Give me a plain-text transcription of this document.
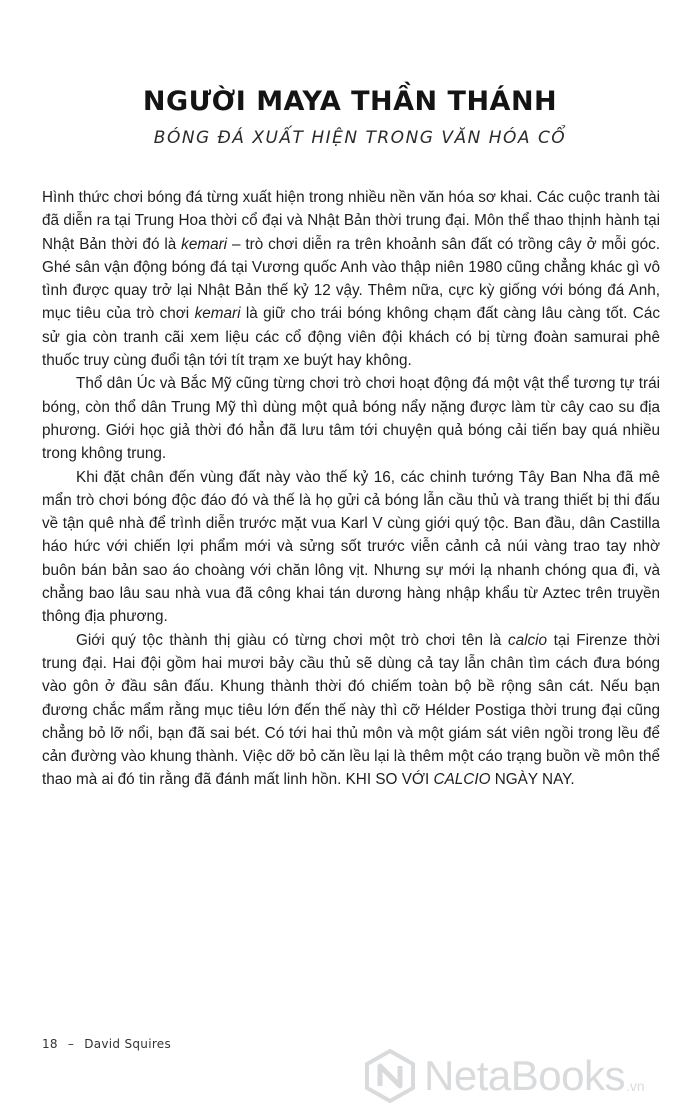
NGƯỜI MAYA THẦN THÁNH
BÓNG ĐÁ XUẤT HIỆN TRONG VĂN HÓA CỔ

Hình thức chơi bóng đá từng xuất hiện trong nhiều nền văn hóa sơ khai. Các cuộc tranh tài đã diễn ra tại Trung Hoa thời cổ đại và Nhật Bản thời trung đại. Môn thể thao thịnh hành tại Nhật Bản thời đó là kemari – trò chơi diễn ra trên khoảnh sân đất có trồng cây ở mỗi góc. Ghé sân vận động bóng đá tại Vương quốc Anh vào thập niên 1980 cũng chẳng khác gì vô tình được quay trở lại Nhật Bản thế kỷ 12 vậy. Thêm nữa, cực kỳ giống với bóng đá Anh, mục tiêu của trò chơi kemari là giữ cho trái bóng không chạm đất càng lâu càng tốt. Các sử gia còn tranh cãi xem liệu các cổ động viên đội khách có bị từng đoàn samurai phê thuốc truy cùng đuổi tận tới tít trạm xe buýt hay không.

Thổ dân Úc và Bắc Mỹ cũng từng chơi trò chơi hoạt động đá một vật thể tương tự trái bóng, còn thổ dân Trung Mỹ thì dùng một quả bóng nẩy nặng được làm từ cây cao su địa phương. Giới học giả thời đó hẳn đã lưu tâm tới chuyện quả bóng cải tiến bay quá nhiều trong không trung.

Khi đặt chân đến vùng đất này vào thế kỷ 16, các chinh tướng Tây Ban Nha đã mê mẩn trò chơi bóng độc đáo đó và thế là họ gửi cả bóng lẫn cầu thủ và trang thiết bị thi đấu về tận quê nhà để trình diễn trước mặt vua Karl V cùng giới quý tộc. Ban đầu, dân Castilla háo hức với chiến lợi phẩm mới và sửng sốt trước viễn cảnh cả núi vàng trao tay nhờ buôn bán bản sao áo choàng với chăn lông vịt. Nhưng sự mới lạ nhanh chóng qua đi, và chẳng bao lâu sau nhà vua đã công khai tán dương hàng nhập khẩu từ Aztec trên truyền thông địa phương.

Giới quý tộc thành thị giàu có từng chơi một trò chơi tên là calcio tại Firenze thời trung đại. Hai đội gồm hai mươi bảy cầu thủ sẽ dùng cả tay lẫn chân tìm cách đưa bóng vào gôn ở đầu sân đấu. Khung thành thời đó chiếm toàn bộ bề rộng sân cát. Nếu bạn đương chắc mẩm rằng mục tiêu lớn đến thế này thì cỡ Hélder Postiga thời trung đại cũng chẳng bỏ lỡ nổi, bạn đã sai bét. Có tới hai thủ môn và một giám sát viên ngồi trong lều để cản đường vào khung thành. Việc dỡ bỏ căn lều lại là thêm một cáo trạng buồn về môn thể thao mà ai đó tin rằng đã đánh mất linh hồn. KHI SO VỚI CALCIO NGÀY NAY.

18 – David Squires
NetaBooks .vn
